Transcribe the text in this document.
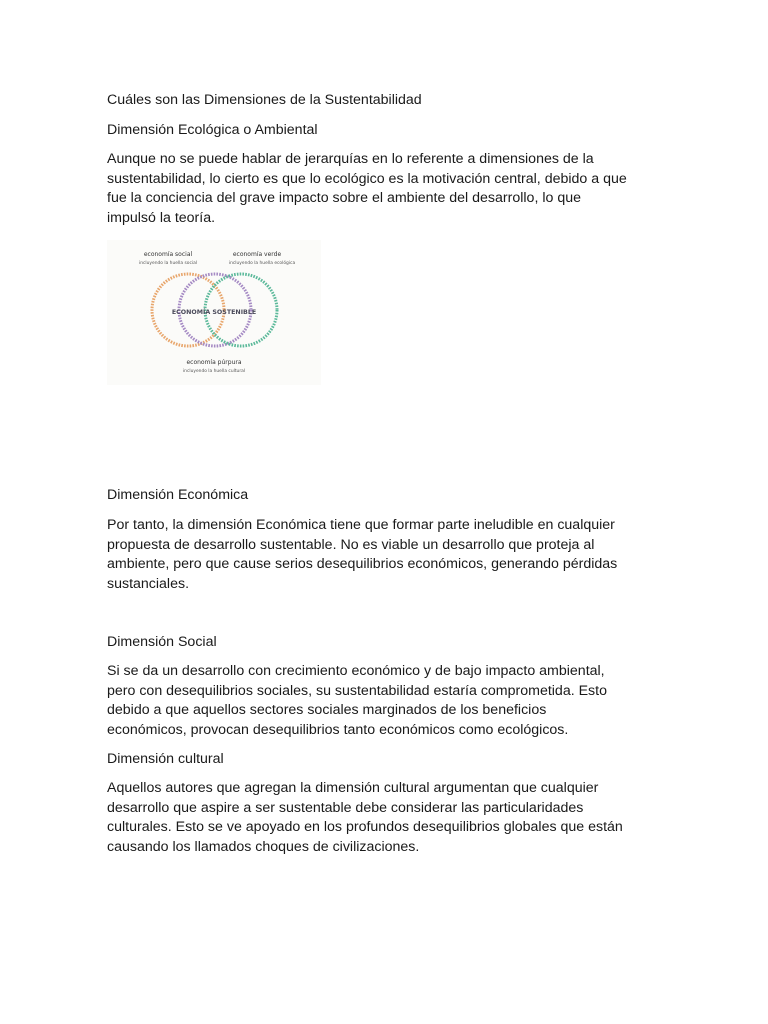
Cuáles son las Dimensiones de la Sustentabilidad
Dimensión Ecológica o Ambiental
Aunque no se puede hablar de jerarquías en lo referente a dimensiones de la
sustentabilidad, lo cierto es que lo ecológico es la motivación central, debido a que
fue la conciencia del grave impacto sobre el ambiente del desarrollo, lo que
impulsó la teoría.
Dimensión Económica
Por tanto, la dimensión Económica tiene que formar parte ineludible en cualquier
propuesta de desarrollo sustentable. No es viable un desarrollo que proteja al
ambiente, pero que cause serios desequilibrios económicos, generando pérdidas
sustanciales.
Dimensión Social
Si se da un desarrollo con crecimiento económico y de bajo impacto ambiental,
pero con desequilibrios sociales, su sustentabilidad estaría comprometida. Esto
debido a que aquellos sectores sociales marginados de los beneficios
económicos, provocan desequilibrios tanto económicos como ecológicos.
Dimensión cultural
Aquellos autores que agregan la dimensión cultural argumentan que cualquier
desarrollo que aspire a ser sustentable debe considerar las particularidades
culturales. Esto se ve apoyado en los profundos desequilibrios globales que están
causando los llamados choques de civilizaciones.
economía social
incluyendo la huella social
economía verde
incluyendo la huella ecológica
ECONOMÍA SOSTENIBLE
economía púrpura
incluyendo la huella cultural
